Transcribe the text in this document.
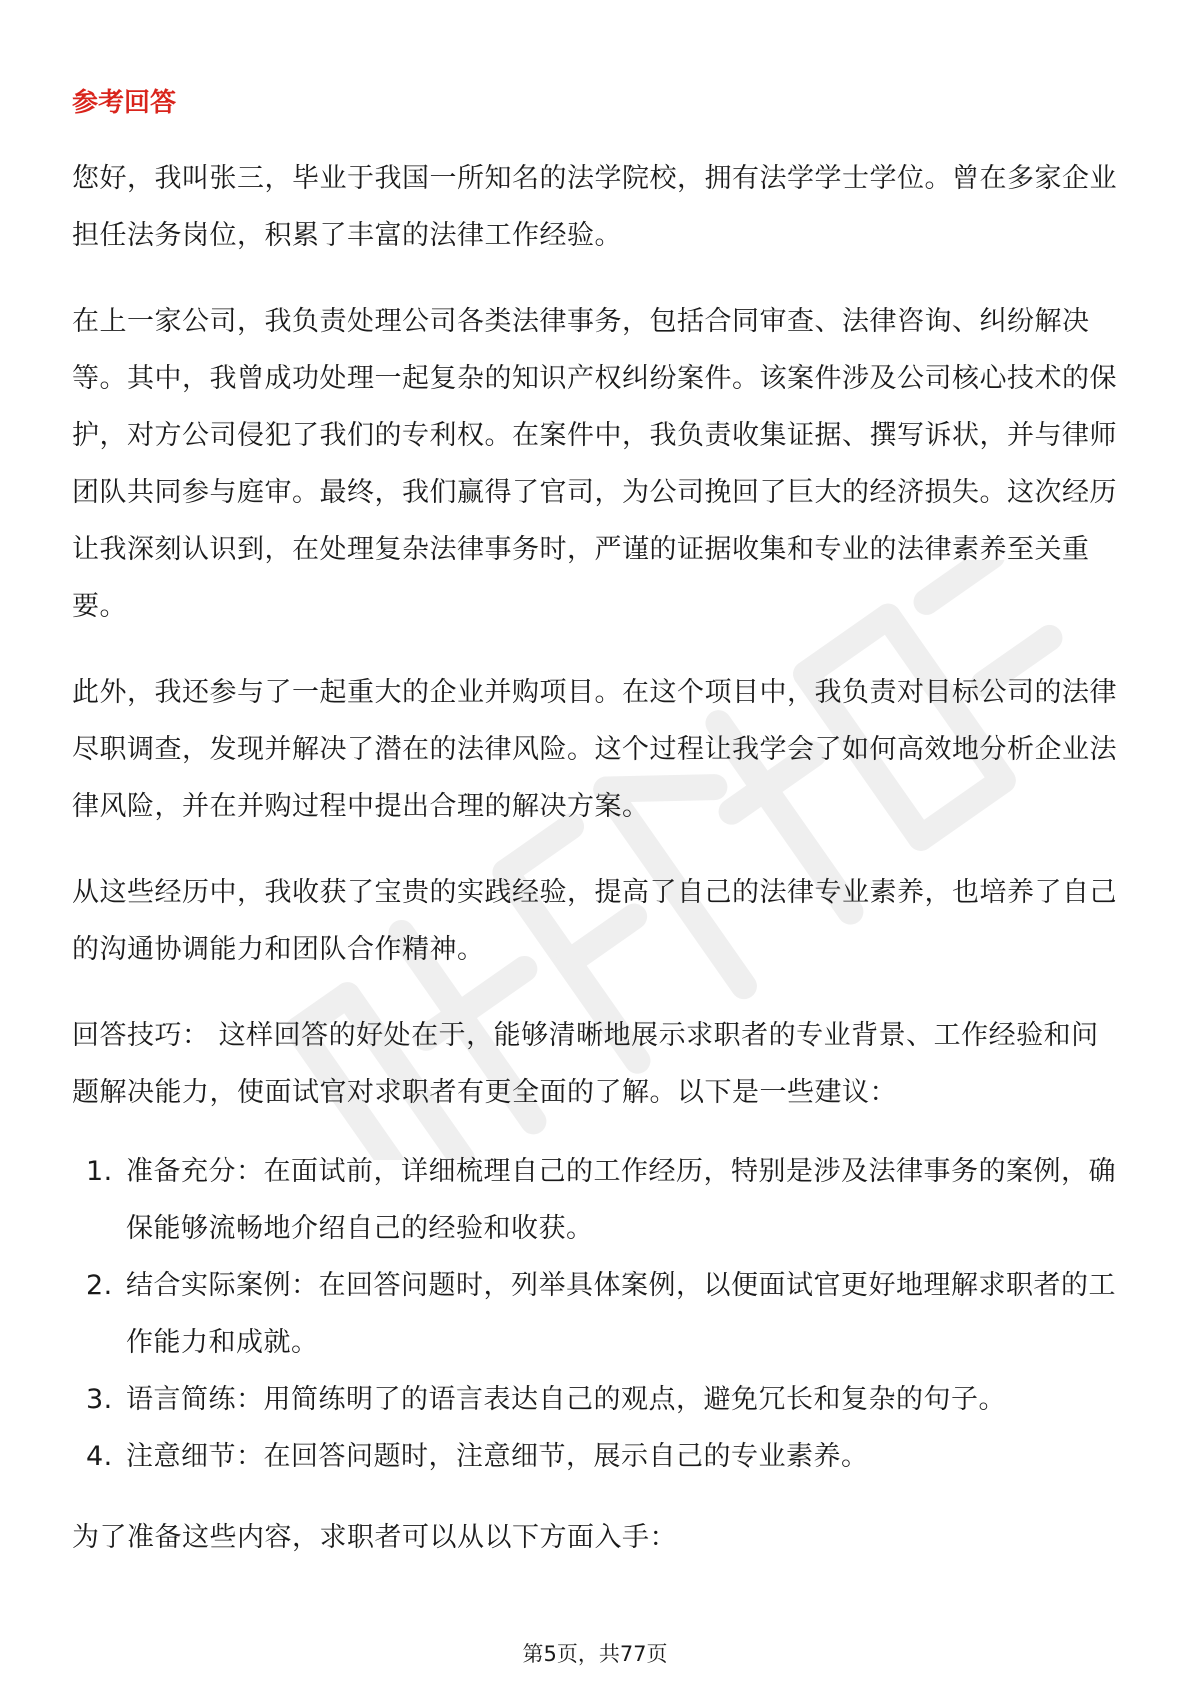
参考回答

您好，我叫张三，毕业于我国一所知名的法学院校，拥有法学学士学位。曾在多家企业担任法务岗位，积累了丰富的法律工作经验。

在上一家公司，我负责处理公司各类法律事务，包括合同审查、法律咨询、纠纷解决等。其中，我曾成功处理一起复杂的知识产权纠纷案件。该案件涉及公司核心技术的保护，对方公司侵犯了我们的专利权。在案件中，我负责收集证据、撰写诉状，并与律师团队共同参与庭审。最终，我们赢得了官司，为公司挽回了巨大的经济损失。这次经历让我深刻认识到，在处理复杂法律事务时，严谨的证据收集和专业的法律素养至关重要。

此外，我还参与了一起重大的企业并购项目。在这个项目中，我负责对目标公司的法律尽职调查，发现并解决了潜在的法律风险。这个过程让我学会了如何高效地分析企业法律风险，并在并购过程中提出合理的解决方案。

从这些经历中，我收获了宝贵的实践经验，提高了自己的法律专业素养，也培养了自己的沟通协调能力和团队合作精神。

回答技巧： 这样回答的好处在于，能够清晰地展示求职者的专业背景、工作经验和问题解决能力，使面试官对求职者有更全面的了解。以下是一些建议：

1. 准备充分：在面试前，详细梳理自己的工作经历，特别是涉及法律事务的案例，确保能够流畅地介绍自己的经验和收获。
2. 结合实际案例：在回答问题时，列举具体案例，以便面试官更好地理解求职者的工作能力和成就。
3. 语言简练：用简练明了的语言表达自己的观点，避免冗长和复杂的句子。
4. 注意细节：在回答问题时，注意细节，展示自己的专业素养。

为了准备这些内容，求职者可以从以下方面入手：

第5页，共77页
